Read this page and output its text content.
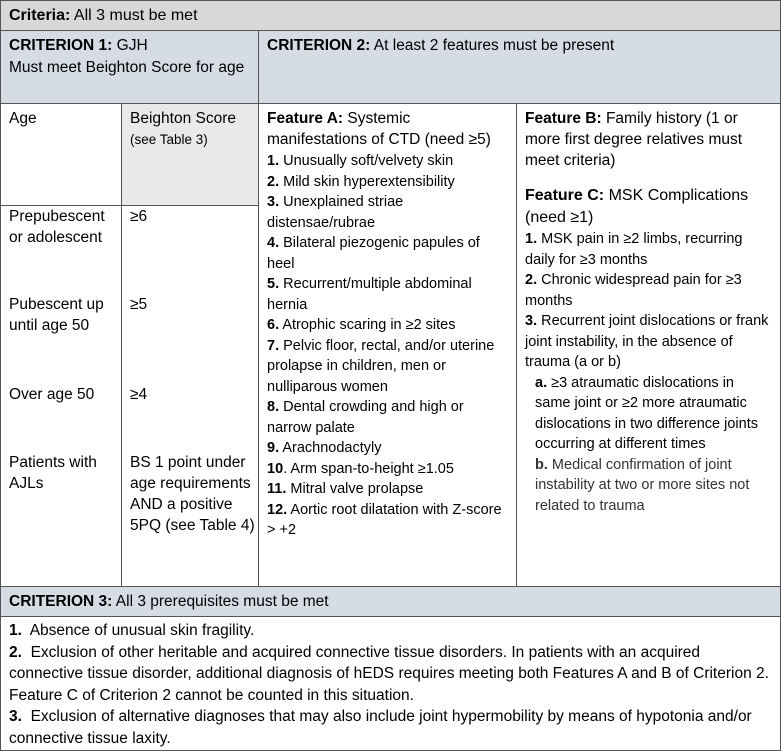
Criteria: All 3 must be met
CRITERION 1: GJH
Must meet Beighton Score for age
CRITERION 2: At least 2 features must be present
Age	Beighton Score
(see Table 3)
Prepubescent or adolescent
Pubescent up until age 50
Over age 50
Patients with AJLs
≥6
≥5
≥4
BS 1 point under age requirements AND a positive 5PQ (see Table 4)
Feature A: Systemic manifestations of CTD (need ≥5)
1. Unusually soft/velvety skin
2. Mild skin hyperextensibility
3. Unexplained striae distensae/rubrae
4. Bilateral piezogenic papules of heel
5. Recurrent/multiple abdominal hernia
6. Atrophic scaring in ≥2 sites
7. Pelvic floor, rectal, and/or uterine prolapse in children, men or nulliparous women
8. Dental crowding and high or narrow palate
9. Arachnodactyly
10. Arm span-to-height ≥1.05
11. Mitral valve prolapse
12. Aortic root dilatation with Z-score > +2
Feature B: Family history (1 or more first degree relatives must meet criteria)
Feature C: MSK Complications (need ≥1)
1. MSK pain in ≥2 limbs, recurring daily for ≥3 months
2. Chronic widespread pain for ≥3 months
3. Recurrent joint dislocations or frank joint instability, in the absence of trauma (a or b)
a. ≥3 atraumatic dislocations in same joint or ≥2 more atraumatic dislocations in two difference joints occurring at different times
b. Medical confirmation of joint instability at two or more sites not related to trauma
CRITERION 3: All 3 prerequisites must be met

1. Absence of unusual skin fragility.

2. Exclusion of other heritable and acquired connective tissue disorders. In patients with an acquired connective tissue disorder, additional diagnosis of hEDS requires meeting both Features A and B of Criterion 2. Feature C of Criterion 2 cannot be counted in this situation.

3. Exclusion of alternative diagnoses that may also include joint hypermobility by means of hypotonia and/or connective tissue laxity.
